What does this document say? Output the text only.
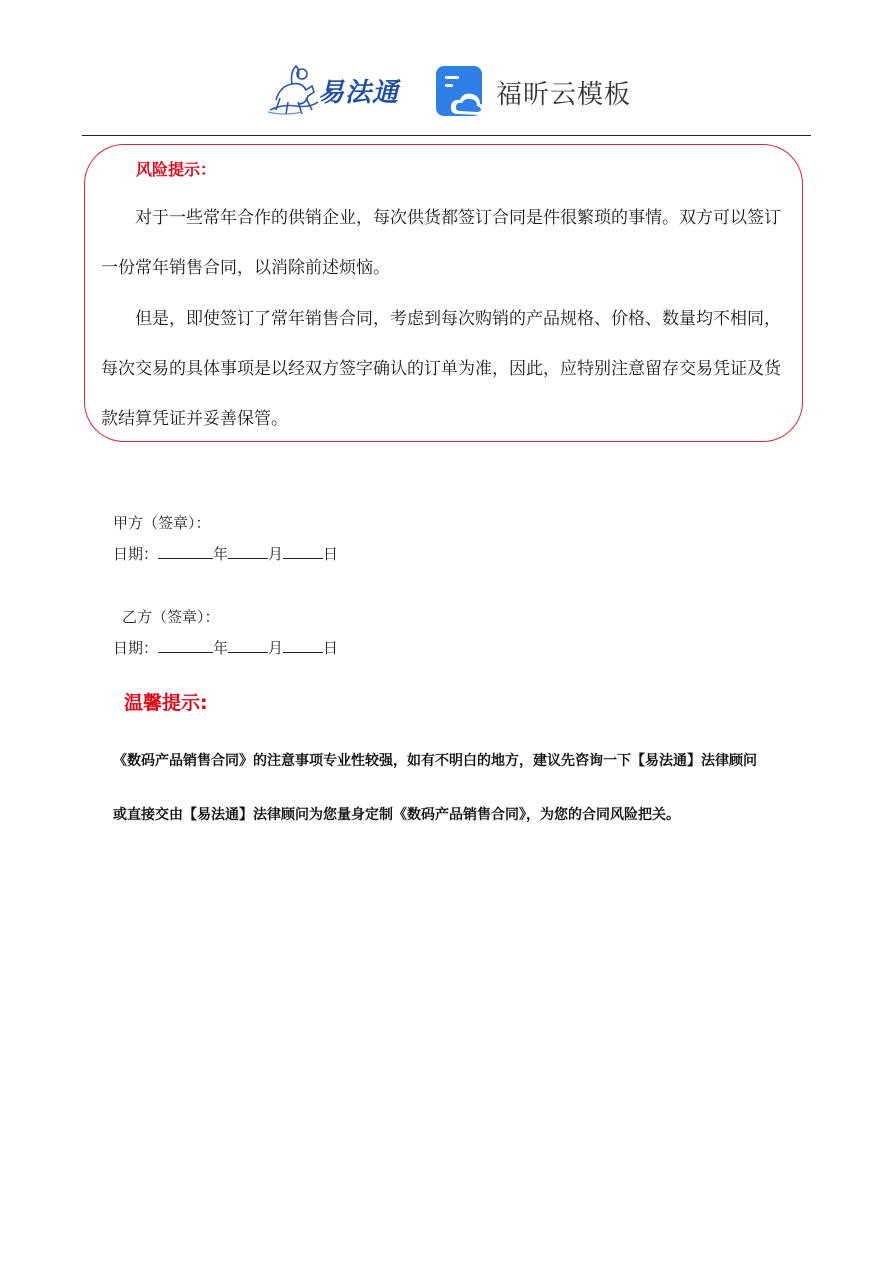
易法通	福昕云模板
风险提示：

对于一些常年合作的供销企业，每次供货都签订合同是件很繁琐的事情。双方可以签订一份常年销售合同，以消除前述烦恼。

但是，即使签订了常年销售合同，考虑到每次购销的产品规格、价格、数量均不相同，每次交易的具体事项是以经双方签字确认的订单为准，因此，应特别注意留存交易凭证及货款结算凭证并妥善保管。

甲方（签章）：
日期：	年	月	日
乙方（签章）：
日期：	年	月	日
温馨提示:
《数码产品销售合同》的注意事项专业性较强，如有不明白的地方，建议先咨询一下【易法通】法律顾问
或直接交由【易法通】法律顾问为您量身定制《数码产品销售合同》，为您的合同风险把关。
